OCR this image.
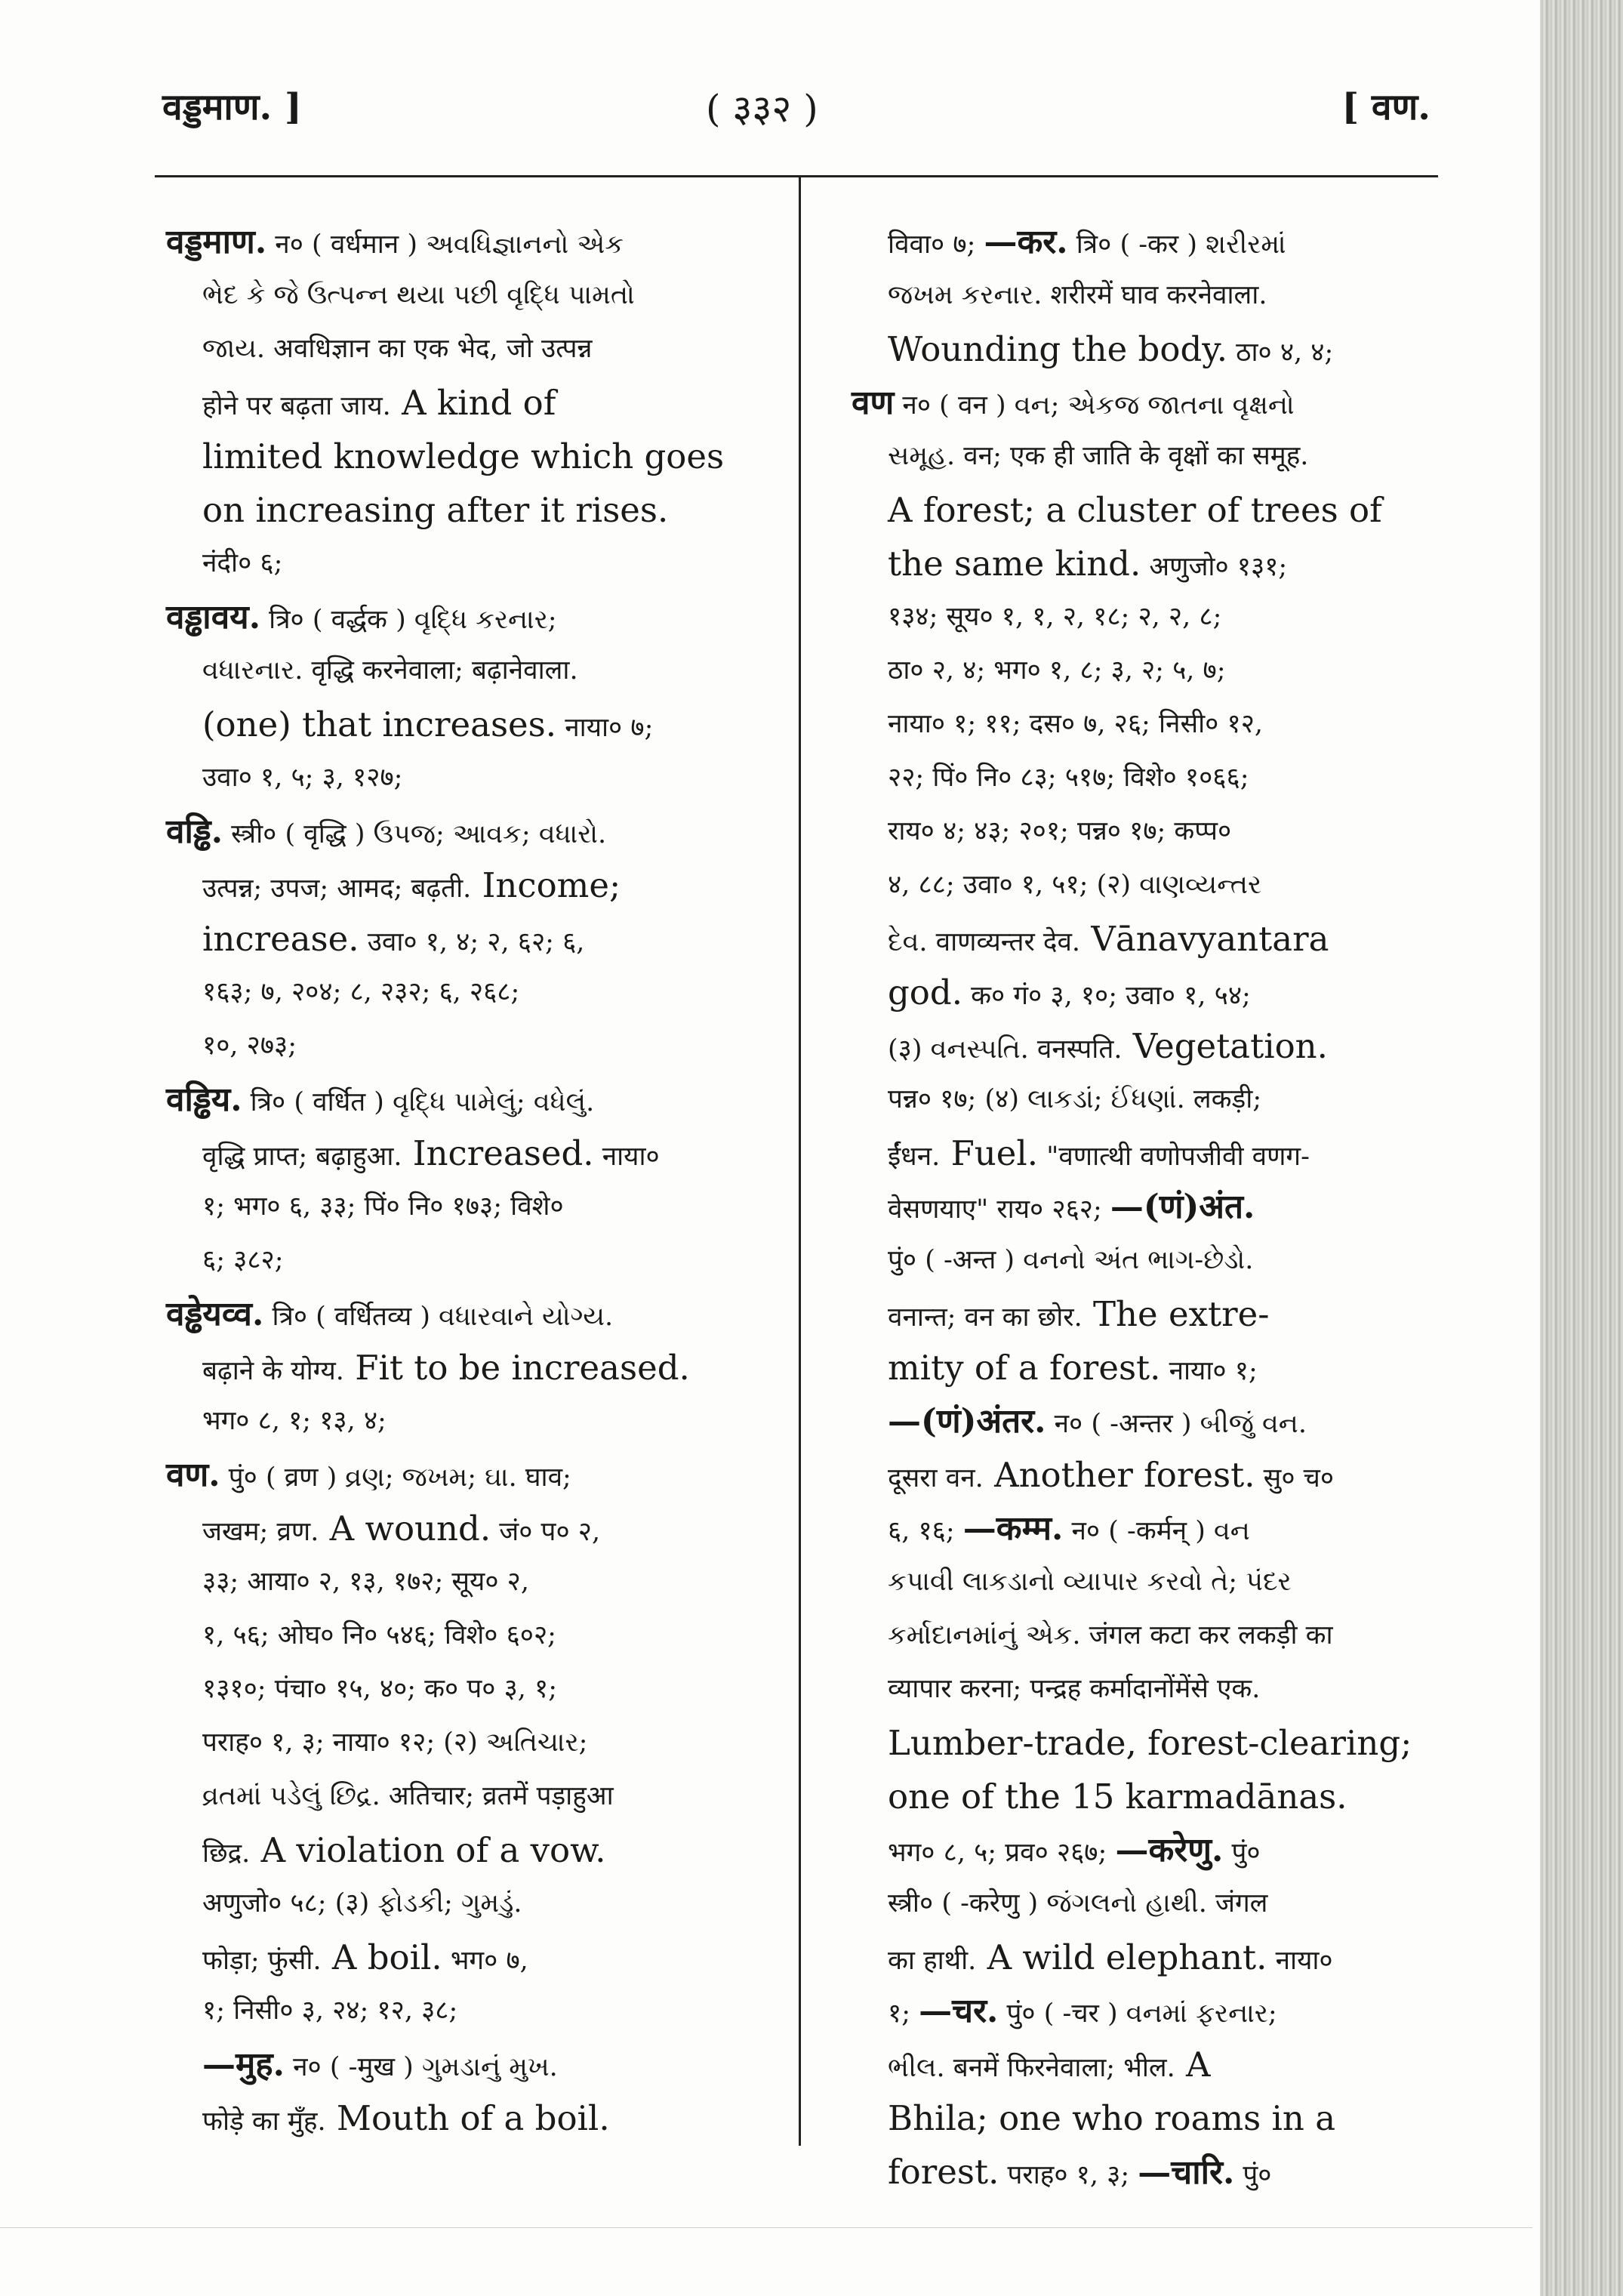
वड्डमाण. ]	( ३३२ )	[ वण.
वड्डमाण. न० ( वर्धमान ) અવધિજ્ઞાનનો એક
ભેદ કે જે ઉત્પન્ન થયા પછી વૃદ્ધિ પામતો
જાય. अवधिज्ञान का एक भेद, जो उत्पन्न
होने पर बढ़ता जाय. A kind of
limited knowledge which goes
on increasing after it rises.
नंदी० ६;
वड्ढावय. त्रि० ( वर्द्धक ) વૃદ્ધિ કરનાર;
વધારનાર. वृद्धि करनेवाला; बढ़ानेवाला.
(one) that increases. नाया० ७;
उवा० १, ५; ३, १२७;
वड्ढि. स्त्री० ( वृद्धि ) ઉપજ; આવક; વધારો.
उत्पन्न; उपज; आमद; बढ़ती. Income;
increase. उवा० १, ४; २, ६२; ६,
१६३; ७, २०४; ८, २३२; ६, २६८;
१०, २७३;
वड्ढिय. त्रि० ( वर्धित ) વૃદ્ધિ પામેલું; વધેલું.
वृद्धि प्राप्त; बढ़ाहुआ. Increased. नाया०
१; भग० ६, ३३; पिं० नि० १७३; विशे०
६; ३८२;
वड्ढेयव्व. त्रि० ( वर्धितव्य ) વધારવાને યોગ્ય.
बढ़ाने के योग्य. Fit to be increased.
भग० ८, १; १३, ४;
वण. पुं० ( व्रण ) વ્રણ; જખમ; ઘા. घाव;
जखम; व्रण. A wound. जं० प० २,
३३; आया० २, १३, १७२; सूय० २,
१, ५६; ओघ० नि० ५४६; विशे० ६०२;
१३१०; पंचा० १५, ४०; क० प० ३, १;
पराह० १, ३; नाया० १२; (२) અતિચાર;
વ્રતમાં પડેલું છિદ્ર. अतिचार; व्रतमें पड़ाहुआ
छिद्र. A violation of a vow.
अणुजो० ५८; (३) ફોડકી; ગુમડું.
फोड़ा; फुंसी. A boil. भग० ७,
१; निसी० ३, २४; १२, ३८;
—मुह. न० ( -मुख ) ગુમડાનું મુખ.
फोड़े का मुँह. Mouth of a boil.
विवा० ७; —कर. त्रि० ( -कर ) શરીરમાં
જખમ કરનાર. शरीरमें घाव करनेवाला.
Wounding the body. ठा० ४, ४;
वण न० ( वन ) વન; એકજ જાતના વૃક્ષનો
સમૂહ. वन; एक ही जाति के वृक्षों का समूह.
A forest; a cluster of trees of
the same kind. अणुजो० १३१;
१३४; सूय० १, १, २, १८; २, २, ८;
ठा० २, ४; भग० १, ८; ३, २; ५, ७;
नाया० १; ११; दस० ७, २६; निसी० १२,
२२; पिं० नि० ८३; ५१७; विशे० १०६६;
राय० ४; ४३; २०१; पन्न० १७; कप्प०
४, ८८; उवा० १, ५१; (२) વાણવ્યન્તર
દેવ. वाणव्यन्तर देव. Vānavyantara
god. क० गं० ३, १०; उवा० १, ५४;
(३) વનસ્પતિ. वनस्पति. Vegetation.
पन्न० १७; (४) લાકડાં; ઈંધણાં. लकड़ी;
ईंधन. Fuel. "वणात्थी वणोपजीवी वणग-
वेसणयाए" राय० २६२; —(णं)अंत.
पुं० ( -अन्त ) વનનો અંત ભાગ-છેડો.
वनान्त; वन का छोर. The extre-
mity of a forest. नाया० १;
—(णं)अंतर. न० ( -अन्तर ) બીજું વન.
दूसरा वन. Another forest. सु० च०
६, १६; —कम्म. न० ( -कर्मन् ) વન
કપાવી લાકડાનો વ્યાપાર કરવો તે; પંદર
કર્માદાનમાંનું એક. जंगल कटा कर लकड़ी का
व्यापार करना; पन्द्रह कर्मादानोंमेंसे एक.
Lumber-trade, forest-clearing;
one of the 15 karmadānas.
भग० ८, ५; प्रव० २६७; —करेणु. पुं०
स्त्री० ( -करेणु ) જંગલનો હાથી. जंगल
का हाथी. A wild elephant. नाया०
१; —चर. पुं० ( -चर ) વનમાં ફરનાર;
ભીલ. बनमें फिरनेवाला; भील. A
Bhila; one who roams in a
forest. पराह० १, ३; —चारि. पुं०
